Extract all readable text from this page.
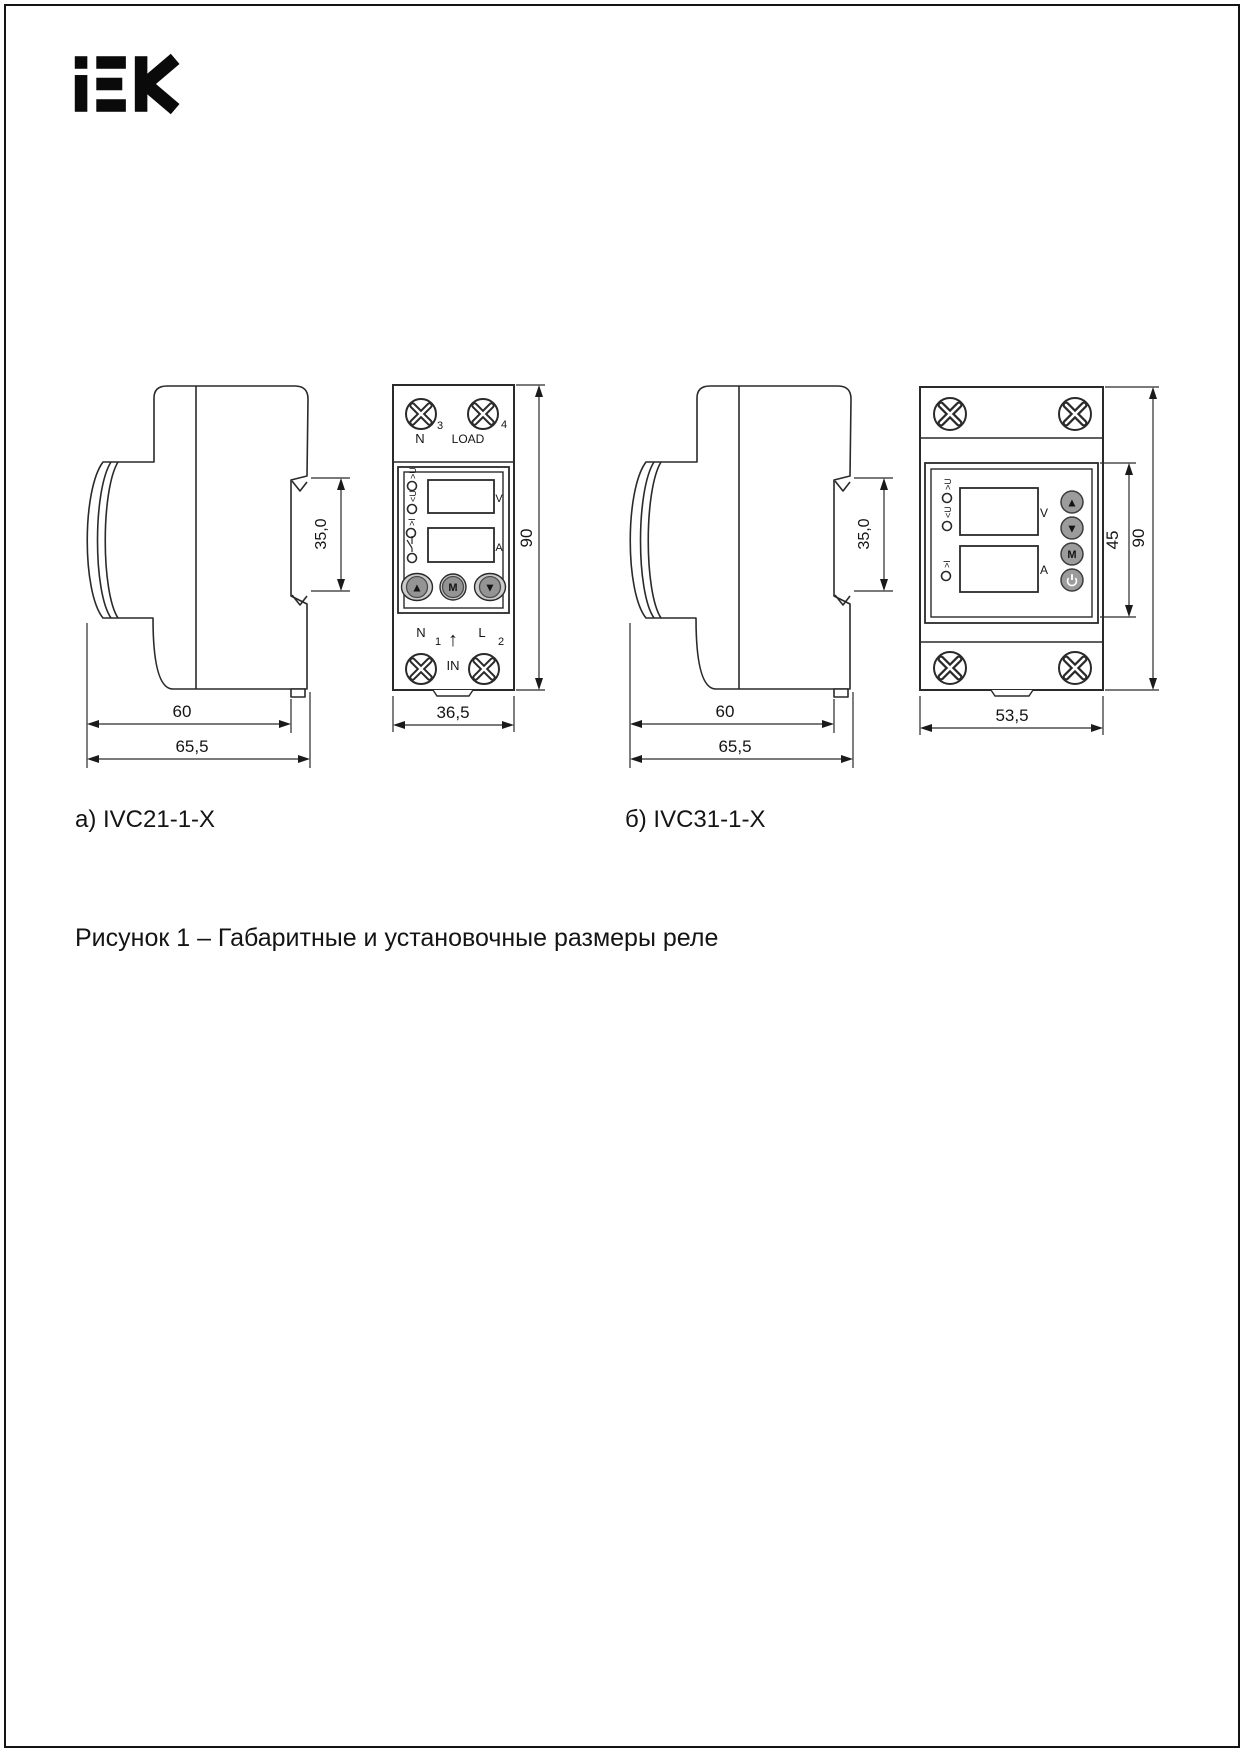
35,0
60
65,5
3
N
4
LOAD
>U
<U
>I
V
A
▲ M ▼
N
1 ↑ L
2
IN
36,5
90	35,0
60
65,5
>U
<U
>I
V
A
▲
▼
M
53,5
45 90
а) IVC21-1-X	б) IVC31-1-X
Рисунок 1 – Габаритные и установочные размеры реле
